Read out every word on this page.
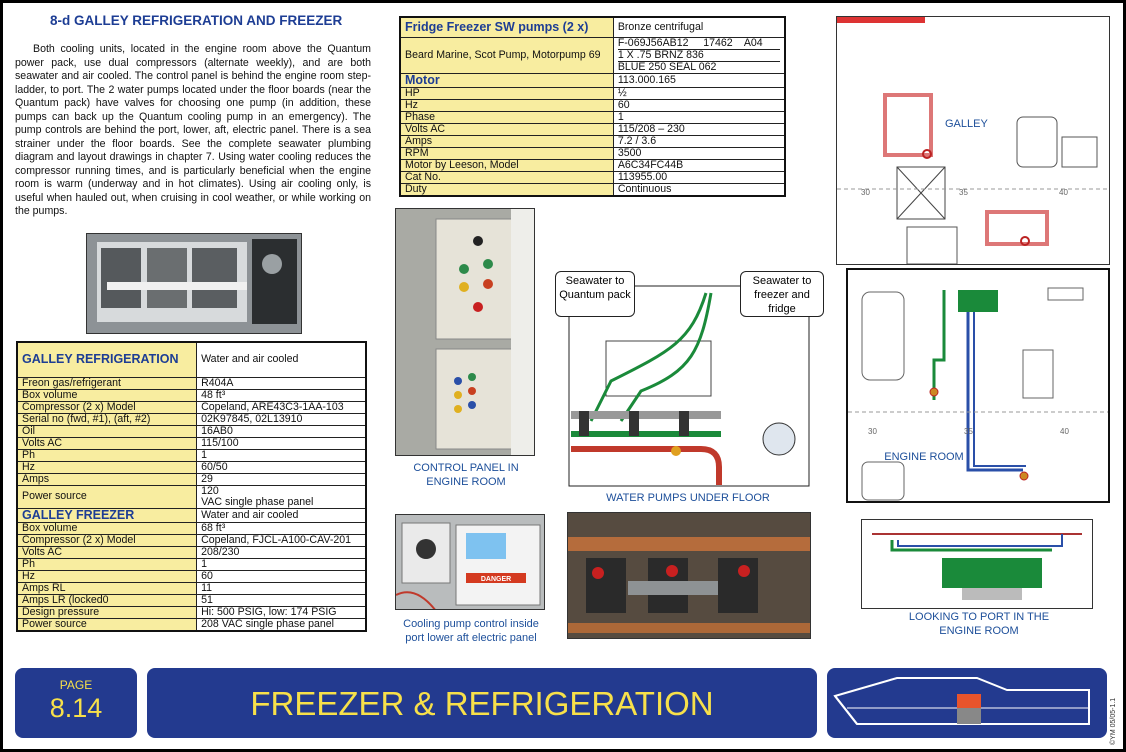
8-d GALLEY REFRIGERATION AND FREEZER
Both cooling units, located in the engine room above the Quantum power pack, use dual compressors (alternate weekly), and are both seawater and air cooled. The control panel is behind the engine room step-ladder, to port. The 2 water pumps located under the floor boards (near the Quantum pack) have valves for choosing one pump (in addition, these pumps can back up the Quantum cooling pump in an emergency). The pump controls are behind the port, lower, aft, electric panel. There is a sea strainer under the floor boards. See the complete seawater plumbing diagram and layout drawings in chapter 7. Using water cooling reduces the compressor running times, and is particularly beneficial when the engine room is warm (underway and in hot climates). Using air cooling only, is useful when hauled out, when cruising in cool weather, or while working on the pumps.
GALLEY REFRIGERATION	Water and air cooled
Freon gas/refrigerant	R404A
Box volume	48 ft³
Compressor (2 x) Model	Copeland, ARE43C3-1AA-103
Serial no (fwd, #1), (aft, #2)	02K97845, 02L13910
Oil	16AB0
Volts AC	115/100
Ph	1
Hz	60/50
Amps	29
Power source	120
VAC single phase panel

GALLEY FREEZER	Water and air cooled
Box volume	68 ft³
Compressor (2 x) Model	Copeland, FJCL-A100-CAV-201
Volts AC	208/230
Ph	1
Hz	60
Amps RL	11
Amps LR (locked0	51
Design pressure	Hi: 500 PSIG, low: 174 PSIG
Power source	208 VAC single phase panel
Fridge Freezer SW pumps (2 x)	Bronze centrifugal
Beard Marine, Scot Pump, Motorpump 69	F-069J56AB12     17462    A04
1 X .75 BRNZ 836
BLUE 250 SEAL 062

Motor	113.000.165
HP	½
Hz	60
Phase	1
Volts AC	115/208 – 230
Amps	7.2 / 3.6
RPM	3500
Motor by Leeson, Model	A6C34FC44B
Cat No.	113955.00
Duty	Continuous
CONTROL PANEL IN ENGINE ROOM
Seawater to Quantum pack
Seawater to freezer and fridge
WATER PUMPS UNDER FLOOR
DANGER
Cooling pump control inside port lower aft electric panel
GALLEY
30	35	40
ENGINE ROOM
30	35	40
LOOKING TO PORT IN THE ENGINE ROOM
PAGE
8.14	FREEZER & REFRIGERATION	©YM 05/05-1.1
